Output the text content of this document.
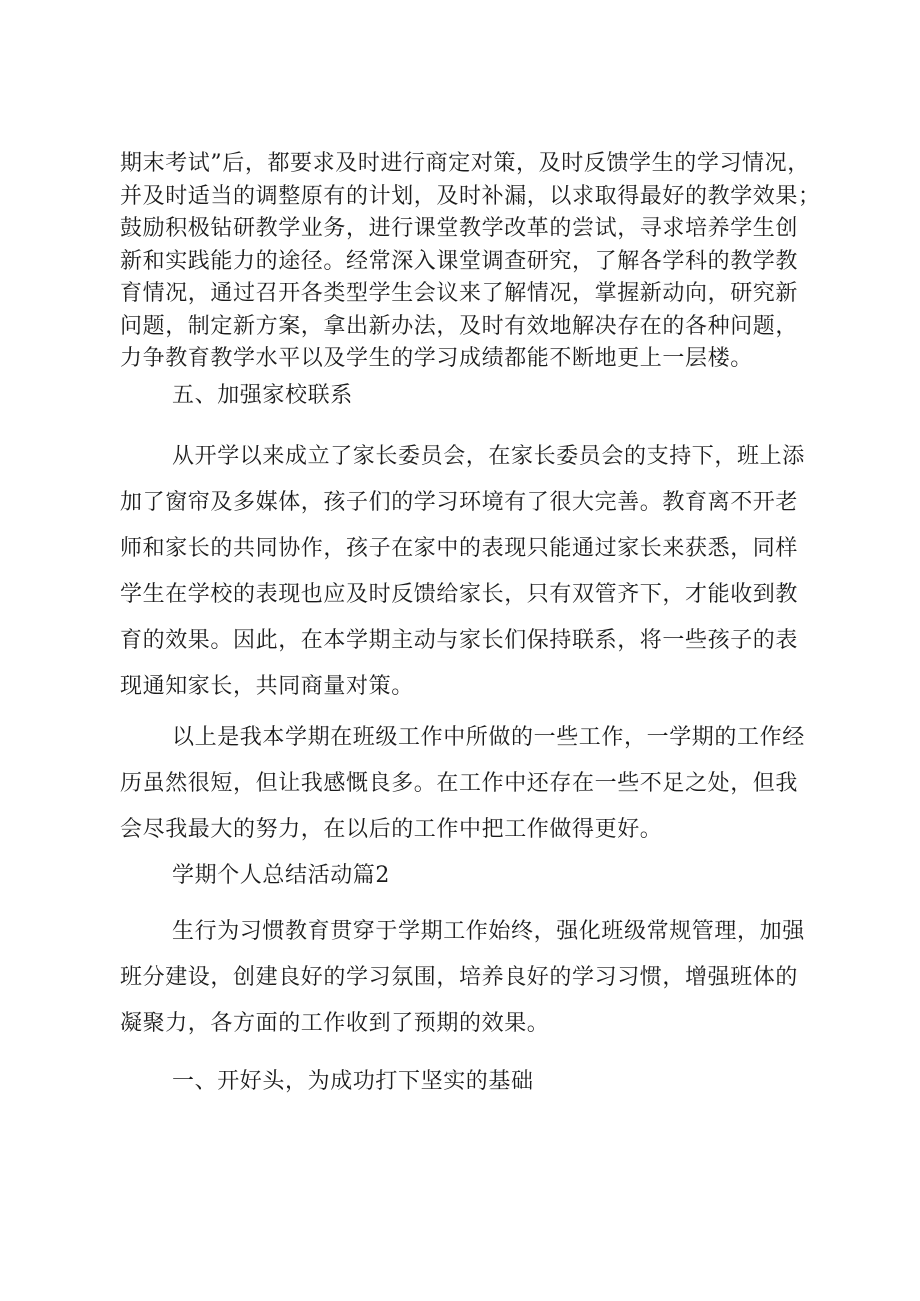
期末考试”后，都要求及时进行商定对策，及时反馈学生的学习情况，
并及时适当的调整原有的计划，及时补漏，以求取得最好的教学效果；
鼓励积极钻研教学业务，进行课堂教学改革的尝试，寻求培养学生创
新和实践能力的途径。经常深入课堂调查研究，了解各学科的教学教
育情况，通过召开各类型学生会议来了解情况，掌握新动向，研究新
问题，制定新方案，拿出新办法，及时有效地解决存在的各种问题，
力争教育教学水平以及学生的学习成绩都能不断地更上一层楼。
五、加强家校联系
从开学以来成立了家长委员会，在家长委员会的支持下，班上添
加了窗帘及多媒体，孩子们的学习环境有了很大完善。教育离不开老
师和家长的共同协作，孩子在家中的表现只能通过家长来获悉，同样
学生在学校的表现也应及时反馈给家长，只有双管齐下，才能收到教
育的效果。因此，在本学期主动与家长们保持联系，将一些孩子的表
现通知家长，共同商量对策。
以上是我本学期在班级工作中所做的一些工作，一学期的工作经
历虽然很短，但让我感慨良多。在工作中还存在一些不足之处，但我
会尽我最大的努力，在以后的工作中把工作做得更好。
学期个人总结活动篇2
生行为习惯教育贯穿于学期工作始终，强化班级常规管理，加强
班分建设，创建良好的学习氛围，培养良好的学习习惯，增强班体的
凝聚力，各方面的工作收到了预期的效果。
一、开好头，为成功打下坚实的基础
